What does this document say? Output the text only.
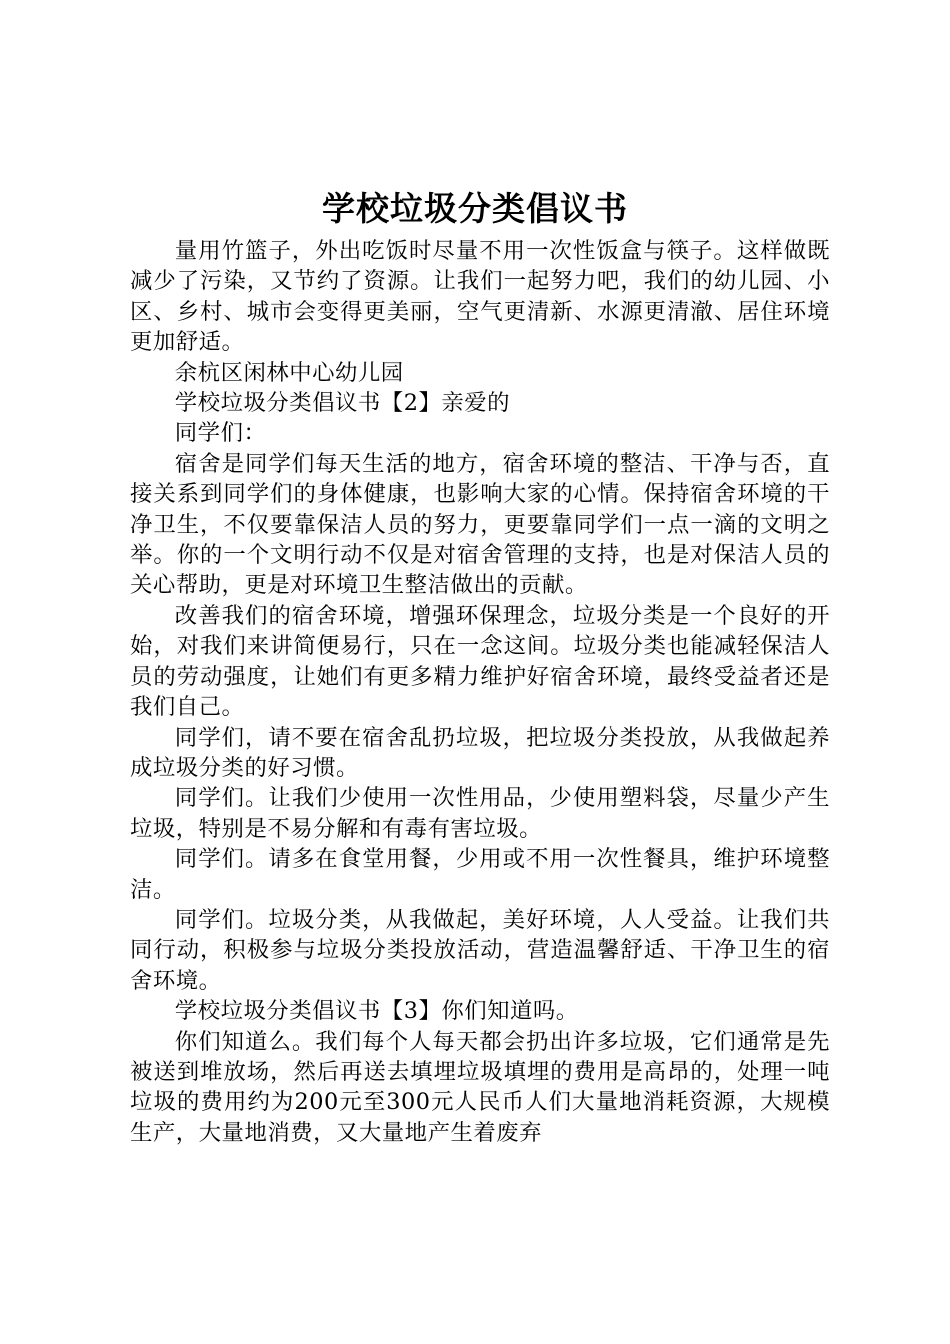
学校垃圾分类倡议书

量用竹篮子，外出吃饭时尽量不用一次性饭盒与筷子。这样做既减少了污染，又节约了资源。让我们一起努力吧，我们的幼儿园、小区、乡村、城市会变得更美丽，空气更清新、水源更清澈、居住环境更加舒适。

余杭区闲林中心幼儿园

学校垃圾分类倡议书【2】亲爱的

同学们：

宿舍是同学们每天生活的地方，宿舍环境的整洁、干净与否，直接关系到同学们的身体健康，也影响大家的心情。保持宿舍环境的干净卫生，不仅要靠保洁人员的努力，更要靠同学们一点一滴的文明之举。你的一个文明行动不仅是对宿舍管理的支持，也是对保洁人员的关心帮助，更是对环境卫生整洁做出的贡献。

改善我们的宿舍环境，增强环保理念，垃圾分类是一个良好的开始，对我们来讲简便易行，只在一念这间。垃圾分类也能减轻保洁人员的劳动强度，让她们有更多精力维护好宿舍环境，最终受益者还是我们自己。

同学们，请不要在宿舍乱扔垃圾，把垃圾分类投放，从我做起养成垃圾分类的好习惯。

同学们。让我们少使用一次性用品，少使用塑料袋，尽量少产生垃圾，特别是不易分解和有毒有害垃圾。

同学们。请多在食堂用餐，少用或不用一次性餐具，维护环境整洁。

同学们。垃圾分类，从我做起，美好环境，人人受益。让我们共同行动，积极参与垃圾分类投放活动，营造温馨舒适、干净卫生的宿舍环境。

学校垃圾分类倡议书【3】你们知道吗。

你们知道么。我们每个人每天都会扔出许多垃圾，它们通常是先被送到堆放场，然后再送去填埋垃圾填埋的费用是高昂的，处理一吨垃圾的费用约为200元至300元人民币人们大量地消耗资源，大规模生产，大量地消费，又大量地产生着废弃
